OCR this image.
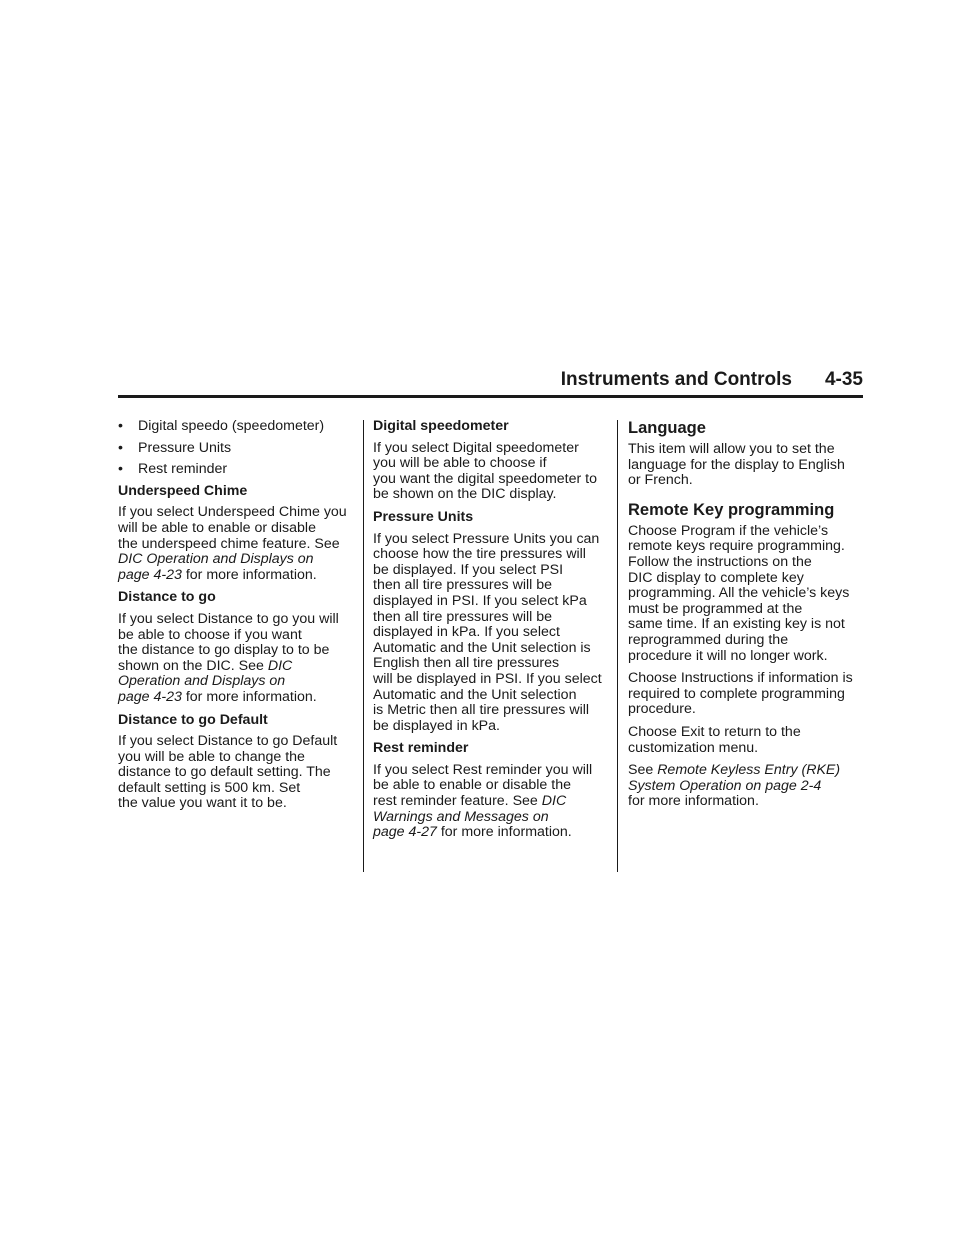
Instruments and Controls 4-35
•	Digital speedo (speedometer)
•	Pressure Units
•	Rest reminder
Underspeed Chime

If you select Underspeed Chime you
will be able to enable or disable
the underspeed chime feature. See
DIC Operation and Displays on
page 4-23 for more information.

Distance to go

If you select Distance to go you will
be able to choose if you want
the distance to go display to to be
shown on the DIC. See DIC
Operation and Displays on
page 4-23 for more information.

Distance to go Default

If you select Distance to go Default
you will be able to change the
distance to go default setting. The
default setting is 500 km. Set
the value you want it to be.

Digital speedometer

If you select Digital speedometer
you will be able to choose if
you want the digital speedometer to
be shown on the DIC display.

Pressure Units

If you select Pressure Units you can
choose how the tire pressures will
be displayed. If you select PSI
then all tire pressures will be
displayed in PSI. If you select kPa
then all tire pressures will be
displayed in kPa. If you select
Automatic and the Unit selection is
English then all tire pressures
will be displayed in PSI. If you select
Automatic and the Unit selection
is Metric then all tire pressures will
be displayed in kPa.

Rest reminder

If you select Rest reminder you will
be able to enable or disable the
rest reminder feature. See DIC
Warnings and Messages on
page 4-27 for more information.

Language

This item will allow you to set the
language for the display to English
or French.

Remote Key programming

Choose Program if the vehicle’s
remote keys require programming.
Follow the instructions on the
DIC display to complete key
programming. All the vehicle’s keys
must be programmed at the
same time. If an existing key is not
reprogrammed during the
procedure it will no longer work.

Choose Instructions if information is
required to complete programming
procedure.

Choose Exit to return to the
customization menu.

See Remote Keyless Entry (RKE)
System Operation on page 2-4
for more information.
